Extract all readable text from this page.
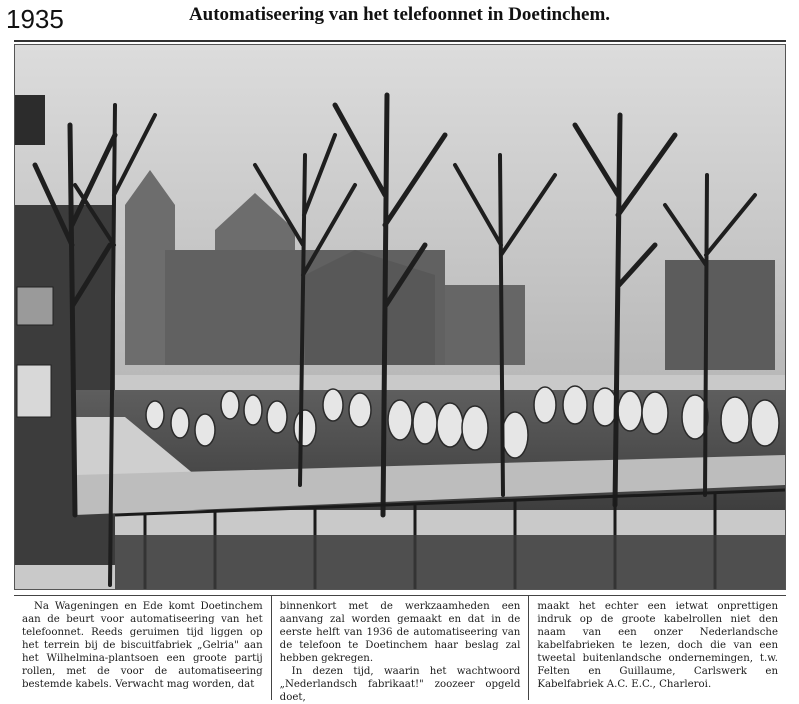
1935	Automatiseering van het telefoonnet in Doetinchem.

Na Wageningen en Ede komt Doetinchem aan de beurt voor automatiseering van het telefoonnet. Reeds geruimen tijd liggen op het terrein bij de biscuitfabriek „Gelria" aan het Wilhelmina-plantsoen een groote partij rollen, met de voor de automatiseering bestemde kabels. Verwacht mag worden, dat

binnenkort met de werkzaamheden een aanvang zal worden gemaakt en dat in de eerste helft van 1936 de automatiseering van de telefoon te Doetinchem haar beslag zal hebben gekregen.

In dezen tijd, waarin het wachtwoord „Nederlandsch fabrikaat!" zoozeer opgeld doet,

maakt het echter een ietwat onprettigen indruk op de groote kabelrollen niet den naam van een onzer Nederlandsche kabelfabrieken te lezen, doch die van een tweetal buitenlandsche ondernemingen, t.w. Felten en Guillaume, Carlswerk en Kabelfabriek A.C. E.C., Charleroi.
